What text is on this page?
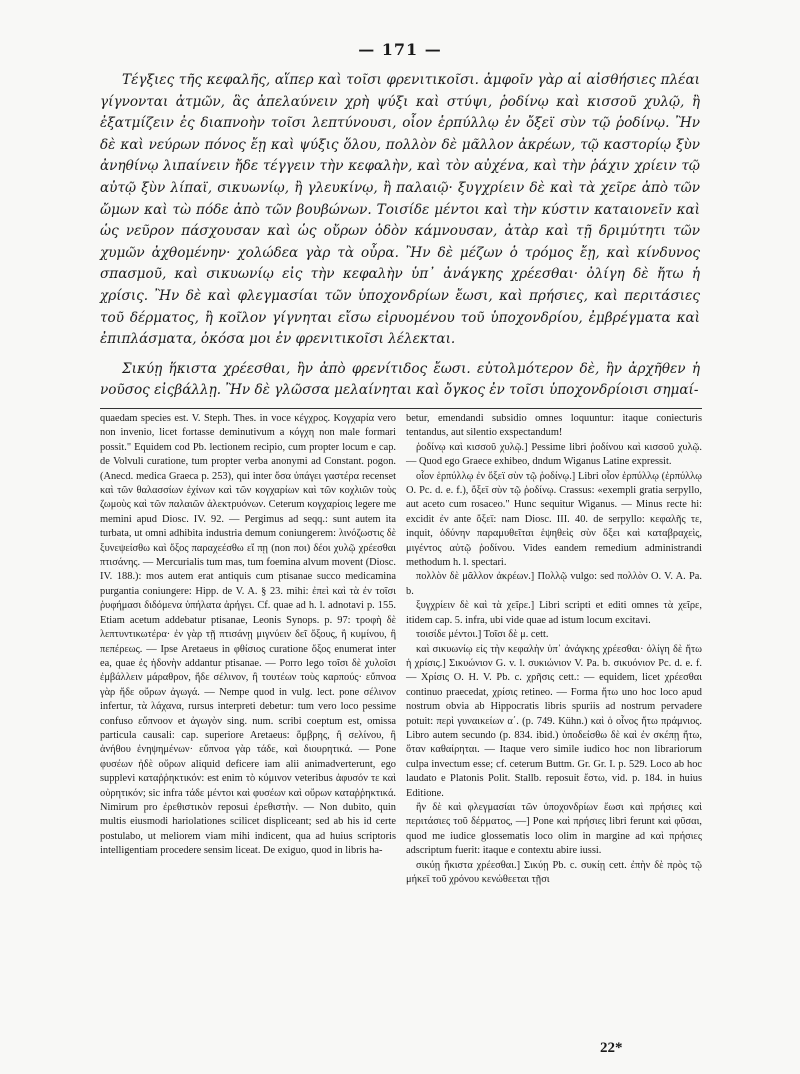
— 171 —

Τέγξιες τῆς κεφαλῆς, αἵπερ καὶ τοῖσι φρενιτικοῖσι. ἀμφοῖν γὰρ αἱ αἰσθήσιες πλέαι γίγνονται ἀτμῶν, ἃς ἀπελαύνειν χρὴ ψύξι καὶ στύψι, ῥοδίνῳ καὶ κισσοῦ χυλῷ, ἢ ἐξατμίζειν ἐς διαπνοὴν τοῖσι λεπτύνουσι, οἷον ἑρπύλλῳ ἐν ὄξεϊ σὺν τῷ ῥοδίνῳ. Ἢν δὲ καὶ νεύρων πόνος ἔῃ καὶ ψύξις ὅλου, πολλὸν δὲ μᾶλλον ἀκρέων, τῷ καστορίῳ ξὺν ἀνηθίνῳ λιπαίνειν ἤδε τέγγειν τὴν κεφαλὴν, καὶ τὸν αὐχένα, καὶ τὴν ῥάχιν χρίειν τῷ αὐτῷ ξὺν λίπαϊ, σικυωνίῳ, ἢ γλευκίνῳ, ἢ παλαιῷ· ξυγχρίειν δὲ καὶ τὰ χεῖρε ἀπὸ τῶν ὤμων καὶ τὼ πόδε ἀπὸ τῶν βουβώνων. Τοισίδε μέντοι καὶ τὴν κύστιν καταιονεῖν καὶ ὡς νεῦρον πάσχουσαν καὶ ὡς οὔρων ὁδὸν κάμνουσαν, ἀτὰρ καὶ τῇ δριμύτητι τῶν χυμῶν ἀχθομένην· χολώδεα γὰρ τὰ οὖρα. Ἢν δὲ μέζων ὁ τρόμος ἔῃ, καὶ κίνδυνος σπασμοῦ, καὶ σικυωνίῳ εἰς τὴν κεφαλὴν ὑπ᾽ ἀνάγκης χρέεσθαι· ὀλίγη δὲ ἤτω ἡ χρίσις. Ἢν δὲ καὶ φλεγμασίαι τῶν ὑποχονδρίων ἔωσι, καὶ πρήσιες, καὶ περιτάσιες τοῦ δέρματος, ἢ κοῖλον γίγνηται εἴσω εἰρυομένου τοῦ ὑποχονδρίου, ἐμβρέγματα καὶ ἐπιπλάσματα, ὁκόσα μοι ἐν φρενιτικοῖσι λέλεκται.

Σικύῃ ἥκιστα χρέεσθαι, ἢν ἀπὸ φρενίτιδος ἔωσι. εὐτολμότερον δὲ, ἢν ἀρχῆθεν ἡ νοῦσος εἰςβάλλῃ. Ἢν δὲ γλῶσσα μελαίνηται καὶ ὄγκος ἐν τοῖσι ὑποχονδρίοισι σημαί-

quaedam species est. V. Steph. Thes. in voce κέγχρος. Κογχαρία vero non invenio, licet fortasse deminutivum a κόγχη non male formari possit." Equidem cod Pb. lectionem recipio, cum propter locum e cap. de Volvuli curatione, tum propter verba anonymi ad Constant. pogon. (Anecd. medica Graeca p. 253), qui inter ὅσα ὑπάγει γαστέρα recenset καὶ τῶν θαλασσίων ἐχίνων καὶ τῶν κογχαρίων καὶ τῶν κοχλιῶν τοὺς ζωμοὺς καὶ τῶν παλαιῶν ἀλεκτρυόνων. Ceterum κογχαρίοις legere me memini apud Diosc. IV. 92. — Pergimus ad seqq.: sunt autem ita turbata, ut omni adhibita industria demum coniungerem: λινόζωστις δὲ ξυνεψείσθω καὶ ὄξος παραχεέσθω εἴ πῃ (non ποι) δέοι χυλῷ χρέεσθαι πτισάνης. — Mercurialis tum mas, tum foemina alvum movent (Diosc. IV. 188.): mos autem erat antiquis cum ptisanae succo medicamina purgantia coniungere: Hipp. de V. A. § 23. mihi: ἐπεὶ καὶ τὰ ἐν τοῖσι ῥυφήμασι διδόμενα ὑπήλατα ἀρήγει. Cf. quae ad h. l. adnotavi p. 155. Etiam acetum addebatur ptisanae, Leonis Synops. p. 97: τροφὴ δὲ λεπτυντικωτέρα· ἐν γὰρ τῇ πτισάνῃ μιγνύειν δεῖ ὄξους, ἢ κυμίνου, ἢ πεπέρεως. — Ipse Aretaeus in φθίσιος curatione ὄξος enumerat inter ea, quae ἐς ἡδονὴν addantur ptisanae. — Porro lego τοῖσι δὲ χυλοῖσι ἐμβάλλειν μάραθρον, ἤδε σέλινον, ἢ τουτέων τοὺς καρπούς· εὔπνοα γὰρ ἤδε οὔρων ἀγωγά. — Nempe quod in vulg. lect. pone σέλινον infertur, τὰ λάχανα, rursus interpreti debetur: tum vero loco pessime confuso εὔπνοον et ἀγωγὸν sing. num. scribi coeptum est, omissa particula causali: cap. superiore Aretaeus: ὅμβρης, ἢ σελίνου, ἢ ἀνήθου ἐνηψημένων· εὔπνοα γὰρ τάδε, καὶ διουρητικά. — Pone φυσέων ἠδὲ οὔρων aliquid deficere iam alii animadverterunt, ego supplevi καταῤῥηκτικόν: est enim τὸ κύμινον veteribus ἀφυσόν τε καὶ οὐρητικόν; sic infra τάδε μέντοι καὶ φυσέων καὶ οὔρων καταῤῥηκτικά. Nimirum pro ἐρεθιστικὸν reposui ἐρεθιστὴν. — Non dubito, quin multis eiusmodi hariolationes scilicet displiceant; sed ab his id certe postulabo, ut meliorem viam mihi indicent, qua ad huius scriptoris intelligentiam procedere sensim liceat. De exiguo, quod in libris ha-

betur, emendandi subsidio omnes loquuntur: itaque coniecturis tentandus, aut silentio exspectandum!

ῥοδίνῳ καὶ κισσοῦ χυλῷ.] Pessime libri ῥοδίνου καὶ κισσοῦ χυλῷ. — Quod ego Graece exhibeo, dndum Wiganus Latine expressit.

οἷον ἑρπύλλῳ ἐν ὄξεϊ σὺν τῷ ῥοδίνῳ.] Libri οἷον ἑρπύλλῳ (ἑρπύλλῳ O. Pc. d. e. f.), ὄξεϊ σὺν τῷ ῥοδίνῳ. Crassus: «exempli gratia serpyllo, aut aceto cum rosaceo." Hunc sequitur Wiganus. — Minus recte hi: excidit ἐν ante ὄξεϊ: nam Diosc. III. 40. de serpyllo: κεφαλῆς τε, inquit, ὀδύνην παραμυθεῖται ἑψηθεὶς σὺν ὄξει καὶ καταβραχεὶς, μιγέντος αὐτῷ ῥοδίνου. Vides eandem remedium administrandi methodum h. l. spectari.

πολλὸν δὲ μᾶλλον ἀκρέων.] Πολλῷ vulgo: sed πολλὸν O. V. A. Pa. b.

ξυγχρίειν δὲ καὶ τὰ χεῖρε.] Libri scripti et editi omnes τὰ χεῖρε, itidem cap. 5. infra, ubi vide quae ad istum locum excitavi.

τοισίδε μέντοι.] Τοῖσι δὲ μ. cett.

καὶ σικυωνίῳ εἰς τὴν κεφαλὴν ὑπ᾽ ἀνάγκης χρέεσθαι· ὀλίγη δὲ ἤτω ἡ χρίσις.] Σικυώνιον G. v. l. συκιώνιον V. Pa. b. σικυόνιον Pc. d. e. f. — Χρίσις O. H. V. Pb. c. χρῆσις cett.: — equidem, licet χρέεσθαι continuo praecedat, χρίσις retineo. — Forma ἤτω uno hoc loco apud nostrum obvia ab Hippocratis libris spuriis ad nostrum pervadere potuit: περὶ γυναικείων α΄. (p. 749. Kühn.) καὶ ὁ οἶνος ἤτω πράμνιος. Libro autem secundo (p. 834. ibid.) ὑποδείσθω δὲ καὶ ἐν σκέπῃ ἤτω, ὅταν καθαίρηται. — Itaque vero simile iudico hoc non librariorum culpa invectum esse; cf. ceterum Buttm. Gr. Gr. I. p. 529. Loco ab hoc laudato e Platonis Polit. Stallb. reposuit ἔστω, vid. p. 184. in huius Editione.

ἢν δὲ καὶ φλεγμασίαι τῶν ὑποχονδρίων ἔωσι καὶ πρήσιες καὶ περιτάσιες τοῦ δέρματος, —] Pone καὶ πρήσιες libri ferunt καὶ φῦσαι, quod me iudice glossematis loco olim in margine ad καὶ πρήσιες adscriptum fuerit: itaque e contextu abire iussi.

σικύῃ ἥκιστα χρέεσθαι.] Σικύῃ Pb. c. συκίῃ cett. ἐπὴν δὲ πρὸς τῷ μήκεϊ τοῦ χρόνου κενώθεεται τῇσι

22*
